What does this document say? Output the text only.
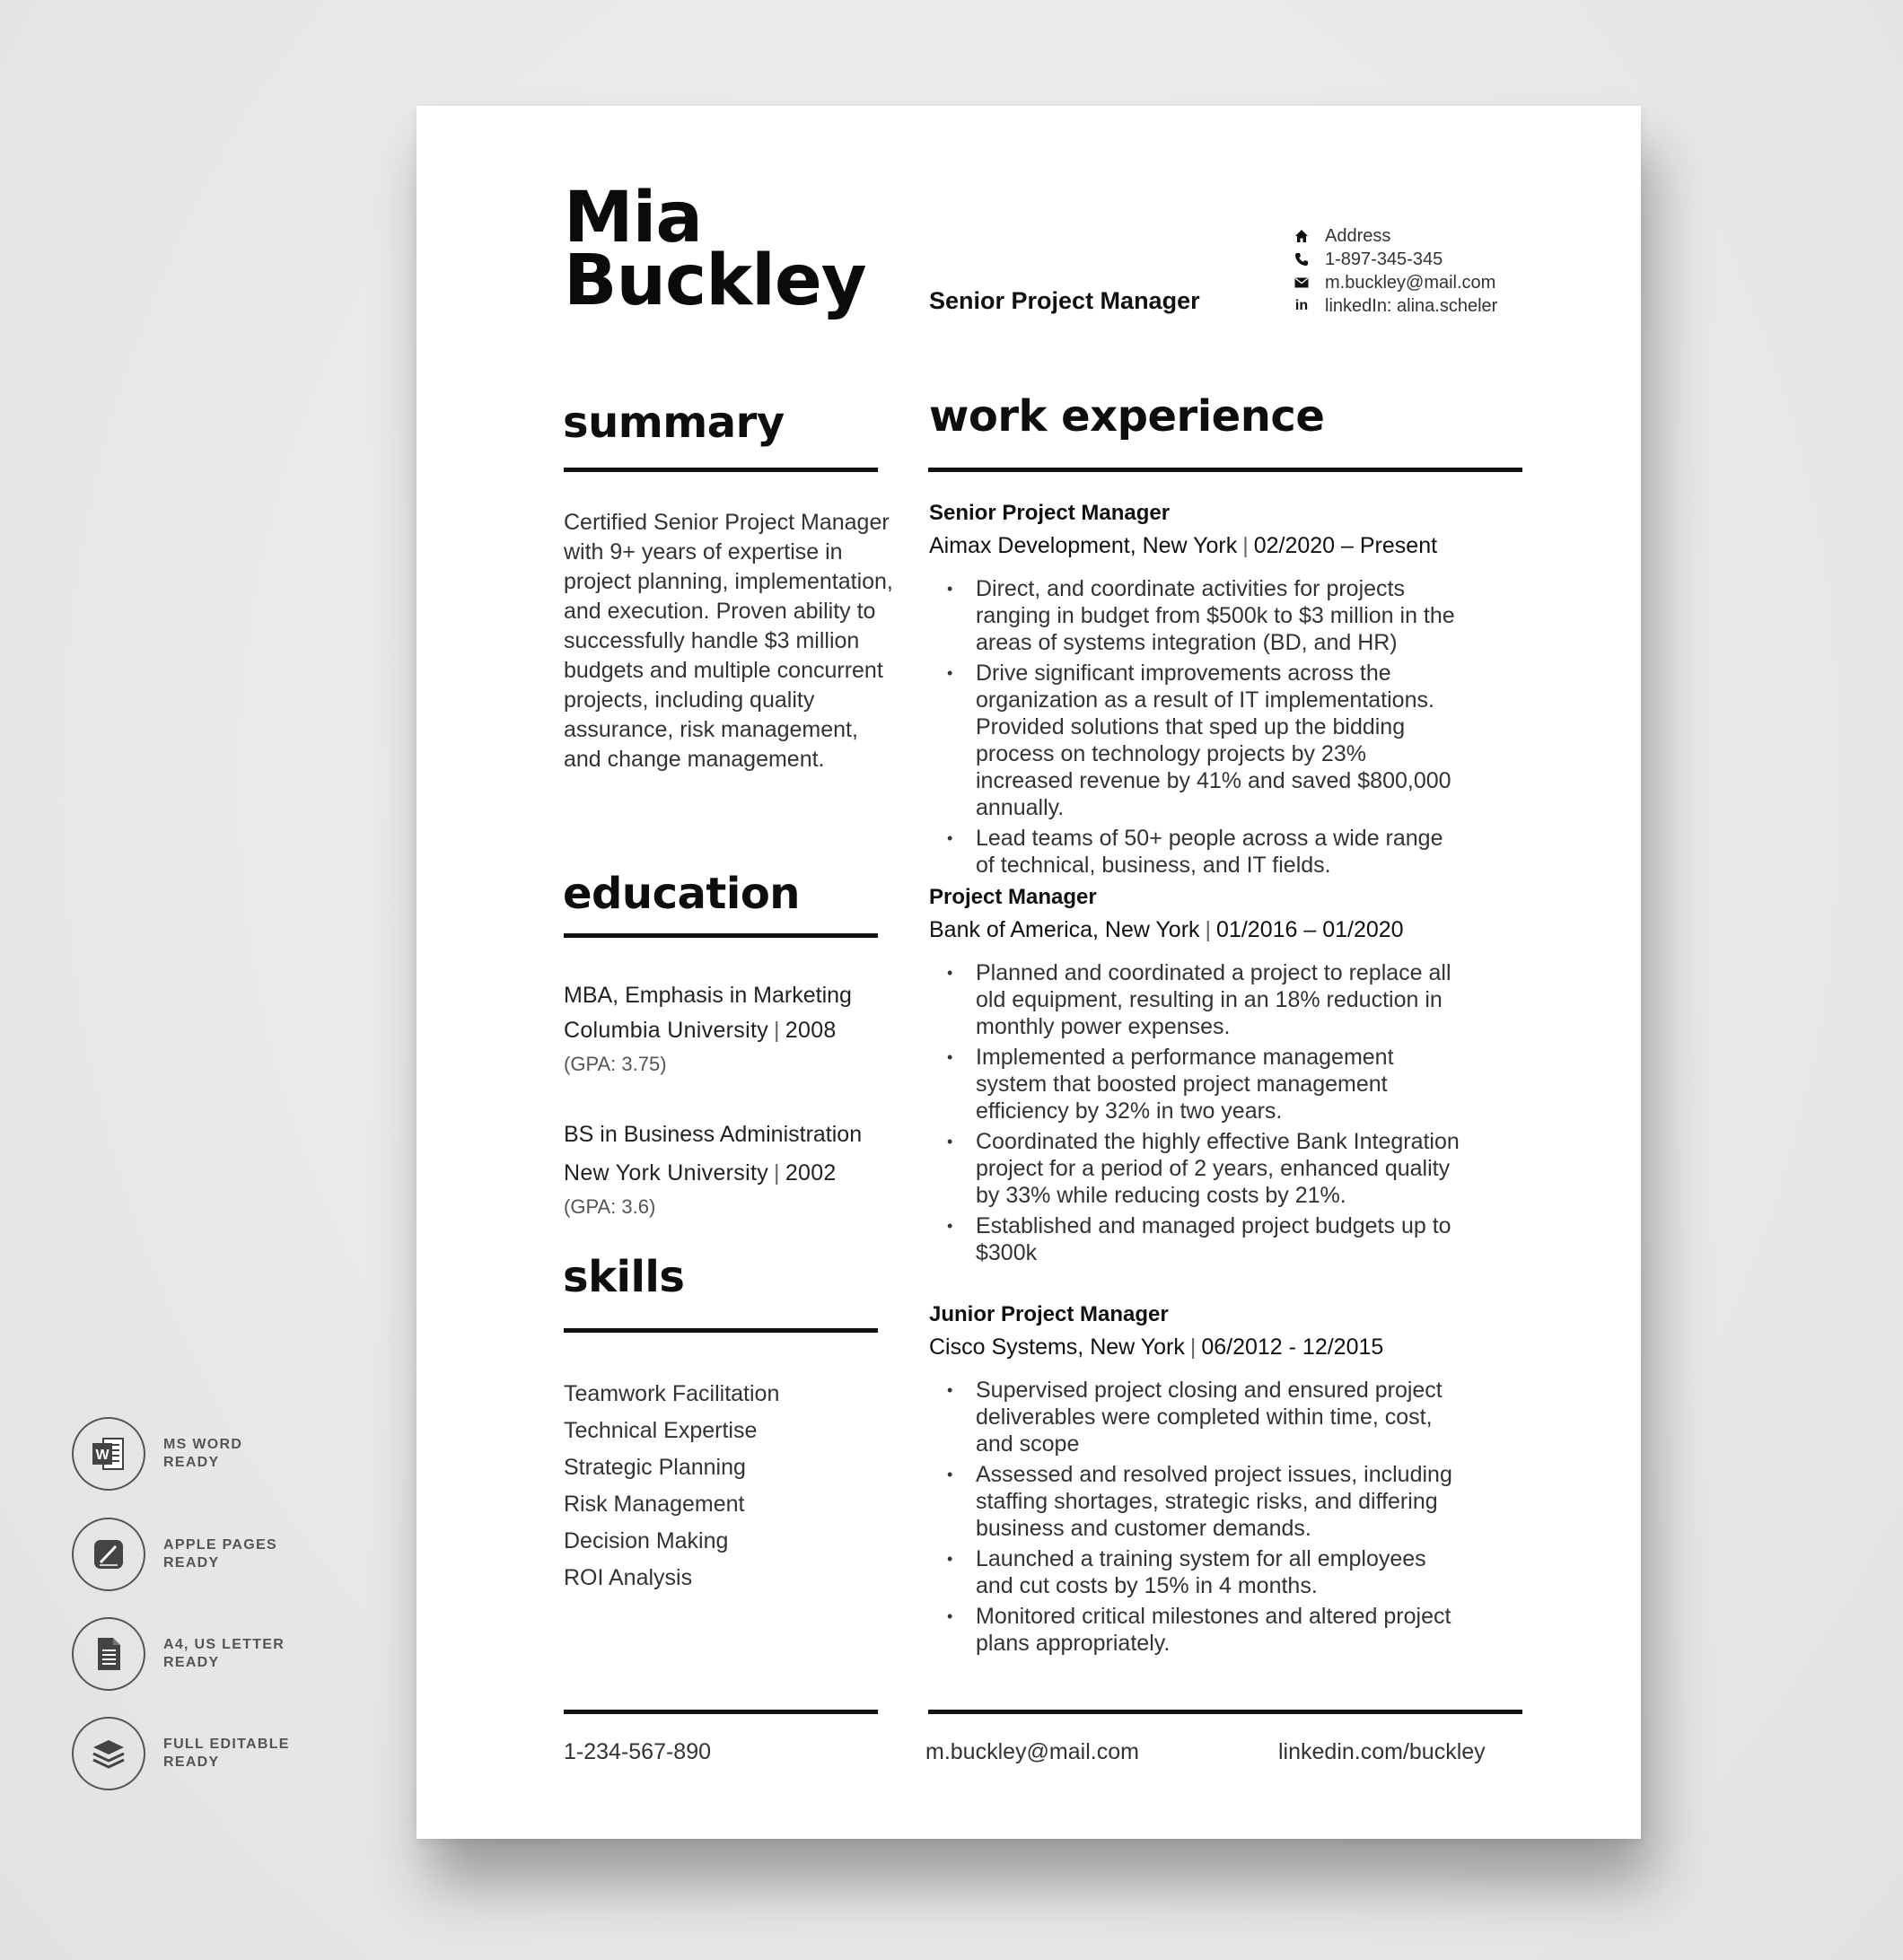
Mia
Buckley	Senior Project Manager
Address
1-897-345-345
m.buckley@mail.com
in linkedIn: alina.scheler
summary
Certified Senior Project Manager with 9+ years of expertise in project planning, implementation, and execution. Proven ability to successfully handle $3 million budgets and multiple concurrent projects, including quality assurance, risk management, and change management.
education
MBA, Emphasis in Marketing
Columbia University | 2008
(GPA: 3.75)
BS in Business Administration
New York University | 2002
(GPA: 3.6)
skills
Teamwork Facilitation
Technical Expertise
Strategic Planning
Risk Management
Decision Making
ROI Analysis
work experience
Senior Project Manager
Aimax Development, New York | 02/2020 – Present
• Direct, and coordinate activities for projects ranging in budget from $500k to $3 million in the areas of systems integration (BD, and HR)
• Drive significant improvements across the organization as a result of IT implementations. Provided solutions that sped up the bidding process on technology projects by 23% increased revenue by 41% and saved $800,000 annually.
• Lead teams of 50+ people across a wide range of technical, business, and IT fields.
Project Manager
Bank of America, New York | 01/2016 – 01/2020
• Planned and coordinated a project to replace all old equipment, resulting in an 18% reduction in monthly power expenses.
• Implemented a performance management system that boosted project management efficiency by 32% in two years.
• Coordinated the highly effective Bank Integration project for a period of 2 years, enhanced quality by 33% while reducing costs by 21%.
• Established and managed project budgets up to $300k
Junior Project Manager
Cisco Systems, New York | 06/2012 - 12/2015
• Supervised project closing and ensured project deliverables were completed within time, cost, and scope
• Assessed and resolved project issues, including staffing shortages, strategic risks, and differing business and customer demands.
• Launched a training system for all employees and cut costs by 15% in 4 months.
• Monitored critical milestones and altered project plans appropriately.
1-234-567-890	m.buckley@mail.com	linkedin.com/buckley
W
MS WORD
READY
APPLE PAGES
READY
A4, US LETTER
READY
FULL EDITABLE
READY
